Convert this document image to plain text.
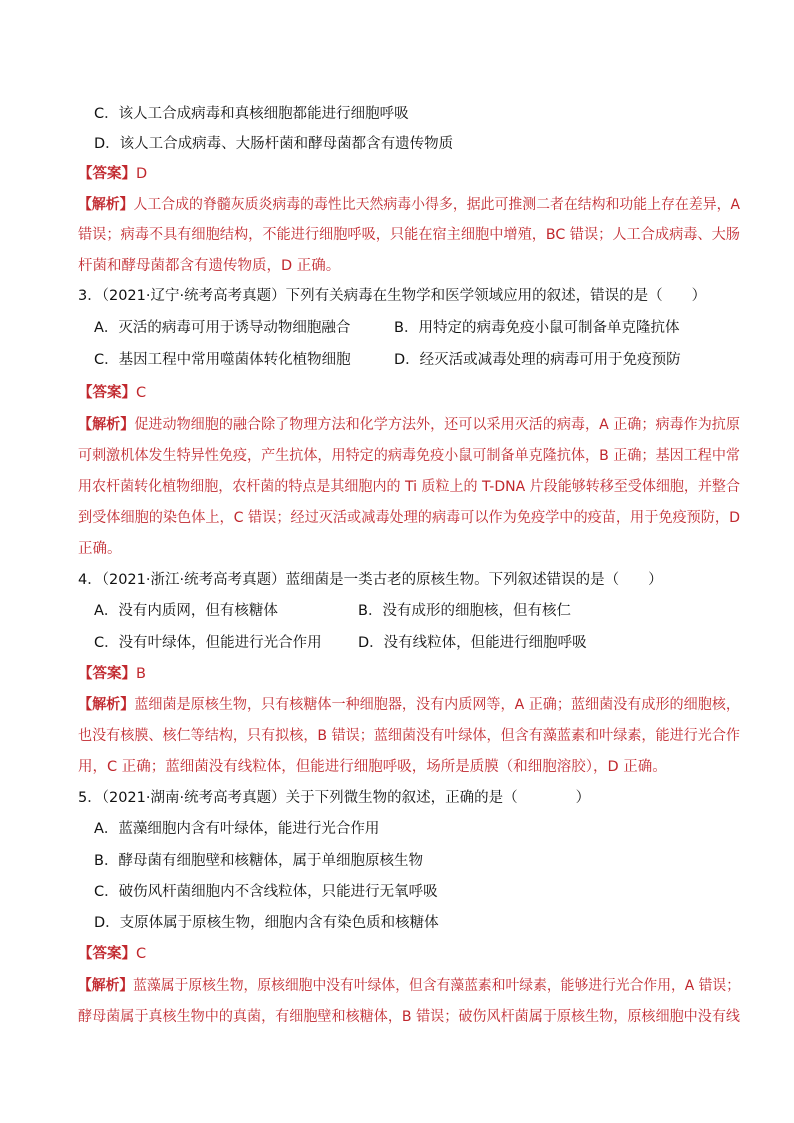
C．该人工合成病毒和真核细胞都能进行细胞呼吸
D．该人工合成病毒、大肠杆菌和酵母菌都含有遗传物质
【答案】D
【解析】人工合成的脊髓灰质炎病毒的毒性比天然病毒小得多，据此可推测二者在结构和功能上存在差异，A
错误；病毒不具有细胞结构，不能进行细胞呼吸，只能在宿主细胞中增殖，BC 错误；人工合成病毒、大肠
杆菌和酵母菌都含有遗传物质，D 正确。
3．（2021·辽宁·统考高考真题）下列有关病毒在生物学和医学领域应用的叙述，错误的是（　　）
A．灭活的病毒可用于诱导动物细胞融合	B．用特定的病毒免疫小鼠可制备单克隆抗体
C．基因工程中常用噬菌体转化植物细胞	D．经灭活或减毒处理的病毒可用于免疫预防
【答案】C
【解析】促进动物细胞的融合除了物理方法和化学方法外，还可以采用灭活的病毒，A 正确；病毒作为抗原
可刺激机体发生特异性免疫，产生抗体，用特定的病毒免疫小鼠可制备单克隆抗体，B 正确；基因工程中常
用农杆菌转化植物细胞，农杆菌的特点是其细胞内的 Ti 质粒上的 T-DNA 片段能够转移至受体细胞，并整合
到受体细胞的染色体上，C 错误；经过灭活或减毒处理的病毒可以作为免疫学中的疫苗，用于免疫预防，D
正确。
4．（2021·浙江·统考高考真题）蓝细菌是一类古老的原核生物。下列叙述错误的是（　　）
A．没有内质网，但有核糖体	B．没有成形的细胞核，但有核仁
C．没有叶绿体，但能进行光合作用	D．没有线粒体，但能进行细胞呼吸
【答案】B
【解析】蓝细菌是原核生物，只有核糖体一种细胞器，没有内质网等，A 正确；蓝细菌没有成形的细胞核，
也没有核膜、核仁等结构，只有拟核，B 错误；蓝细菌没有叶绿体，但含有藻蓝素和叶绿素，能进行光合作
用，C 正确；蓝细菌没有线粒体，但能进行细胞呼吸，场所是质膜（和细胞溶胶），D 正确。
5．（2021·湖南·统考高考真题）关于下列微生物的叙述，正确的是（　　　　）
A．蓝藻细胞内含有叶绿体，能进行光合作用
B．酵母菌有细胞壁和核糖体，属于单细胞原核生物
C．破伤风杆菌细胞内不含线粒体，只能进行无氧呼吸
D．支原体属于原核生物，细胞内含有染色质和核糖体
【答案】C
【解析】蓝藻属于原核生物，原核细胞中没有叶绿体，但含有藻蓝素和叶绿素，能够进行光合作用，A 错误；
酵母菌属于真核生物中的真菌，有细胞壁和核糖体，B 错误；破伤风杆菌属于原核生物，原核细胞中没有线
